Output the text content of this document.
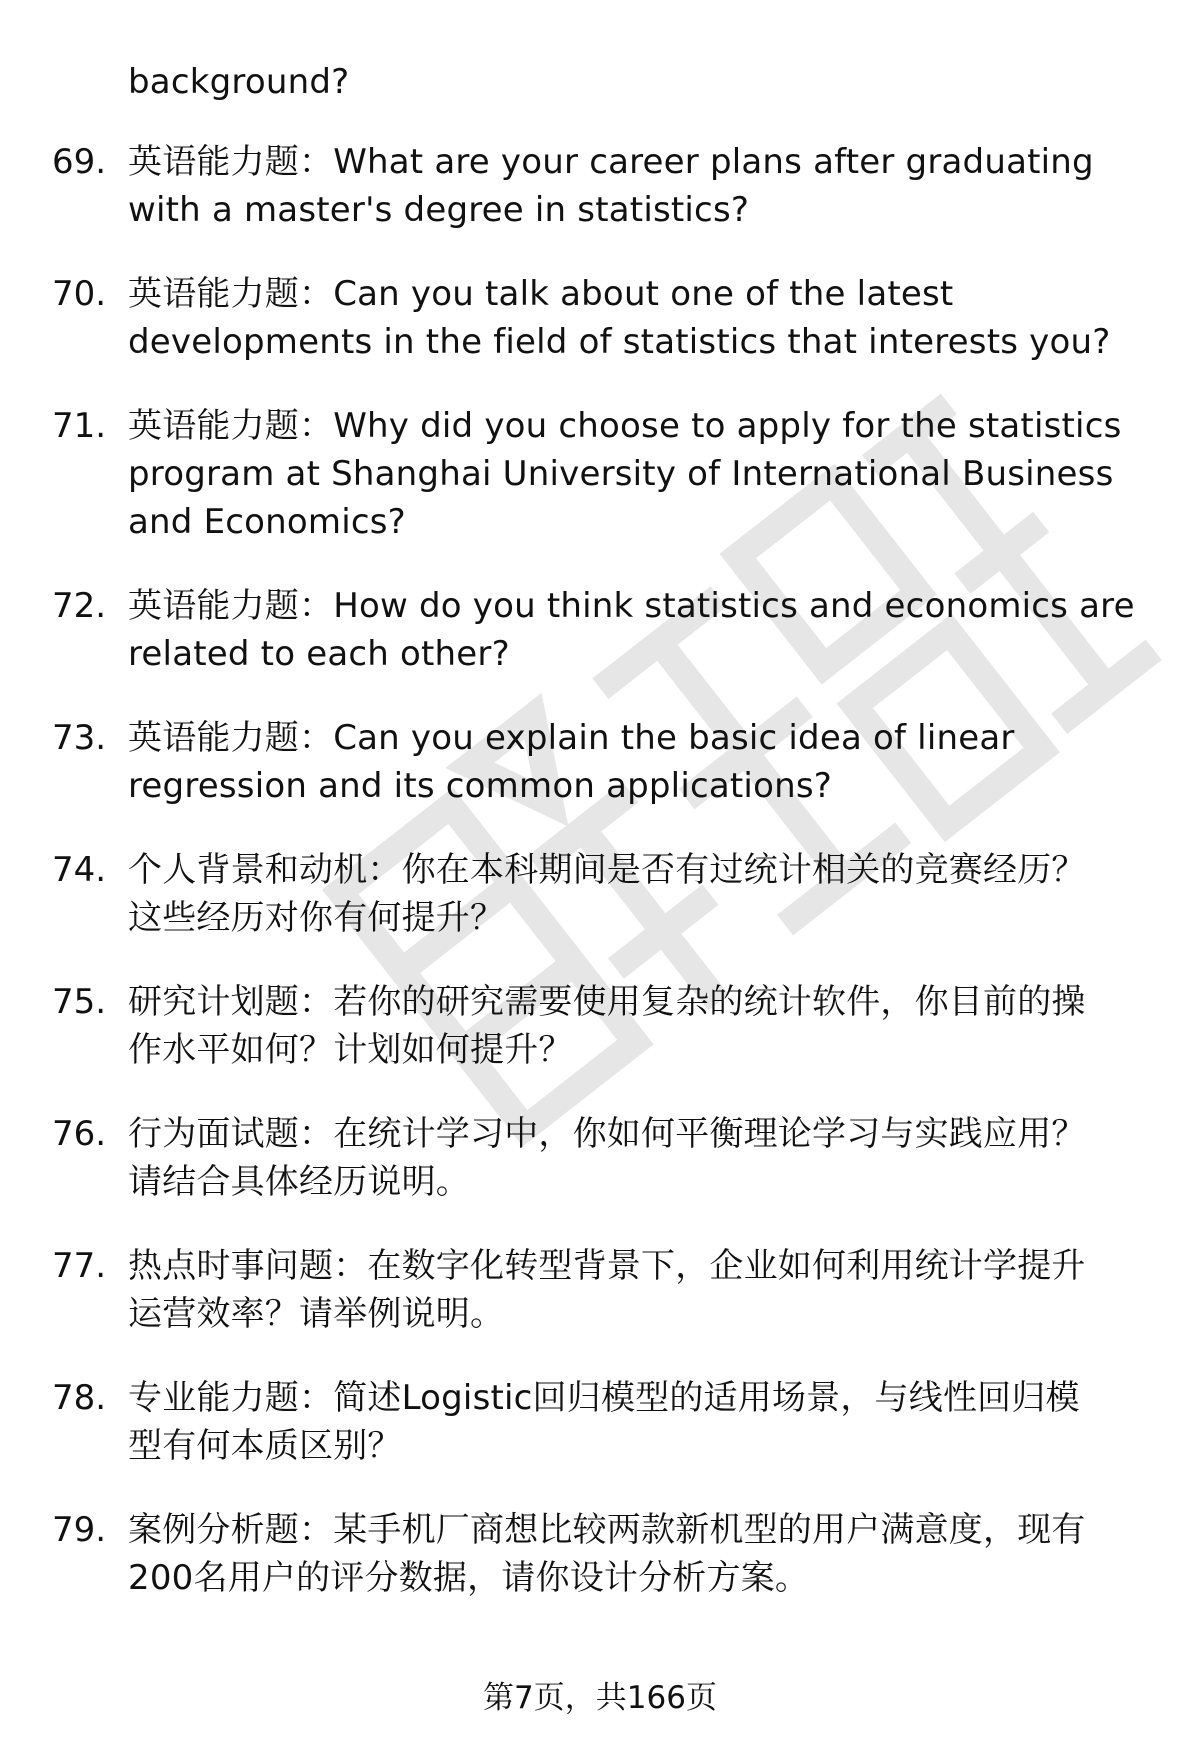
background?
69. 英语能力题：What are your career plans after graduating
with a master's degree in statistics?
70. 英语能力题：Can you talk about one of the latest
developments in the field of statistics that interests you?
71. 英语能力题：Why did you choose to apply for the statistics
program at Shanghai University of International Business
and Economics?
72. 英语能力题：How do you think statistics and economics are
related to each other?
73. 英语能力题：Can you explain the basic idea of linear
regression and its common applications?
74. 个人背景和动机：你在本科期间是否有过统计相关的竞赛经历？
这些经历对你有何提升？
75. 研究计划题：若你的研究需要使用复杂的统计软件，你目前的操
作水平如何？计划如何提升？
76. 行为面试题：在统计学习中，你如何平衡理论学习与实践应用？
请结合具体经历说明。
77. 热点时事问题：在数字化转型背景下，企业如何利用统计学提升
运营效率？请举例说明。
78. 专业能力题：简述Logistic回归模型的适用场景，与线性回归模
型有何本质区别？
79. 案例分析题：某手机厂商想比较两款新机型的用户满意度，现有
200名用户的评分数据，请你设计分析方案。
第7页，共166页
